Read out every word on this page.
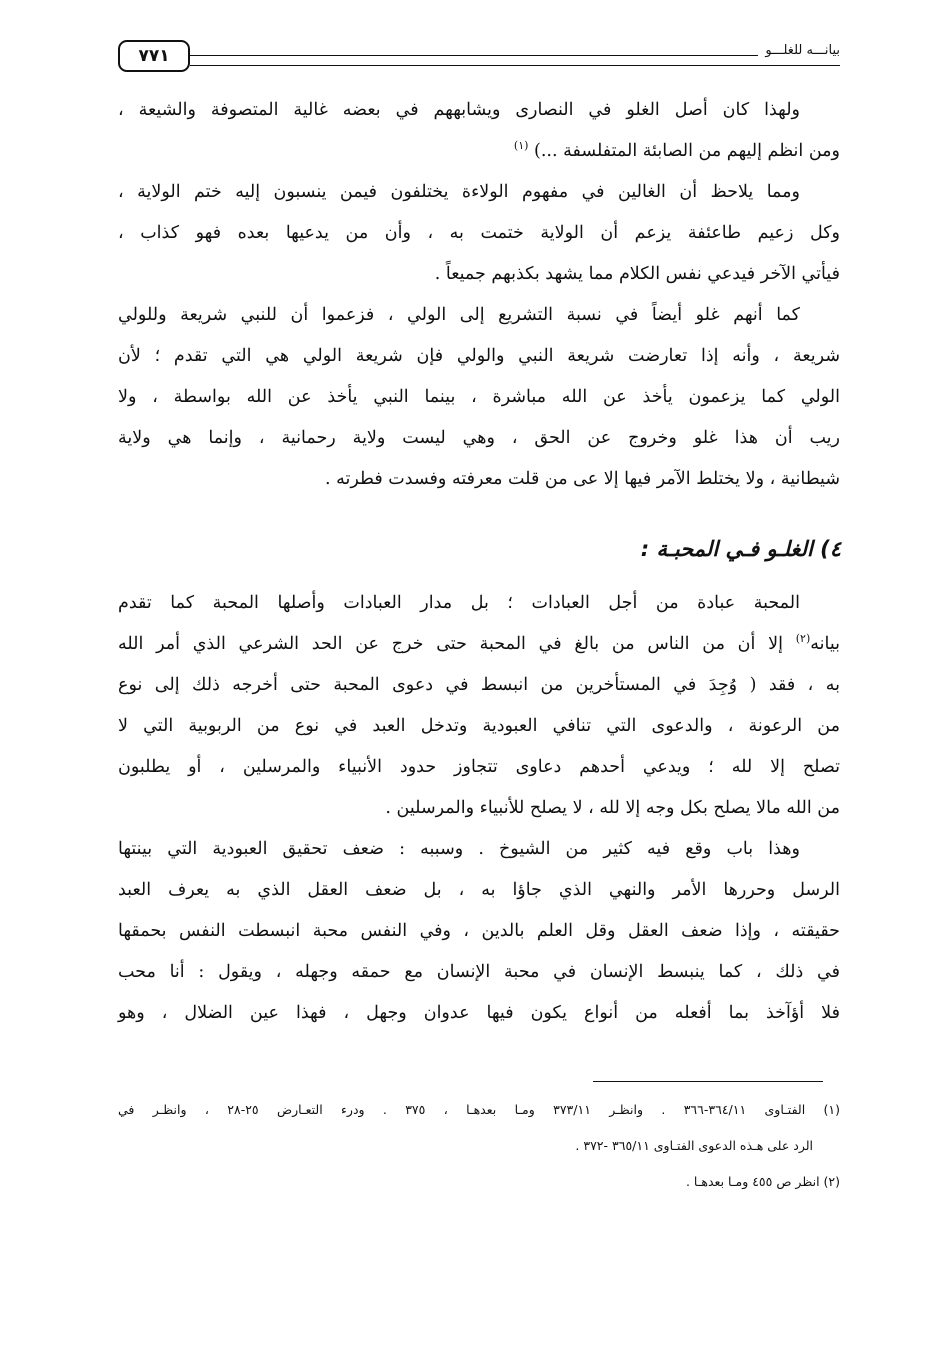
٧٧١	بيانـــه للغلـــو
ولهذا كان أصل الغلو في النصارى ويشابههم في بعضه غالية المتصوفة والشيعة ،
ومن انظم إليهم من الصابئة المتفلسفة ...) $^{(١)}$
ومما يلاحظ أن الغالين في مفهوم الولاءة يختلفون فيمن ينسبون إليه ختم الولاية ،
وكل زعيم طاعئفة يزعم أن الولاية ختمت به ، وأن من يدعيها بعده فهو كذاب ،
فيأتي الآخر فيدعي نفس الكلام مما يشهد بكذبهم جميعاً .
كما أنهم غلو أيضاً في نسبة التشريع إلى الولي ، فزعموا أن للنبي شريعة وللولي
شريعة ، وأنه إذا تعارضت شريعة النبي والولي فإن شريعة الولي هي التي تقدم ؛ لأن
الولي كما يزعمون يأخذ عن الله مباشرة ، بينما النبي يأخذ عن الله بواسطة ، ولا
ريب أن هذا غلو وخروج عن الحق ، وهي ليست ولاية رحمانية ، وإنما هي ولاية
شيطانية ، ولا يختلط الآمر فيها إلا عى من قلت معرفته وفسدت فطرته .
٤) الغلـو فـي المحبـة :
المحبة عبادة من أجل العبادات ؛ بل مدار العبادات وأصلها المحبة كما تقدم
بيانه$^{(٢)}$ إلا أن من الناس من بالغ في المحبة حتى خرج عن الحد الشرعي الذي أمر الله
به ، فقد ( وُجِدَ في المستأخرين من انبسط في دعوى المحبة حتى أخرجه ذلك إلى نوع
من الرعونة ، والدعوى التي تنافي العبودية وتدخل العبد في نوع من الربوبية التي لا
تصلح إلا لله ؛ ويدعي أحدهم دعاوى تتجاوز حدود الأنبياء والمرسلين ، أو يطلبون
من الله مالا يصلح بكل وجه إلا لله ، لا يصلح للأنبياء والمرسلين .
وهذا باب وقع فيه كثير من الشيوخ . وسببه : ضعف تحقيق العبودية التي بينتها
الرسل وحررها الأمر والنهي الذي جاؤا به ، بل ضعف العقل الذي به يعرف العبد
حقيقته ، وإذا ضعف العقل وقل العلم بالدين ، وفي النفس محبة انبسطت النفس بحمقها
في ذلك ، كما ينبسط الإنسان في محبة الإنسان مع حمقه وجهله ، ويقول : أنا محب
فلا أؤآخذ بما أفعله من أنواع يكون فيها عدوان وجهل ، فهذا عين الضلال ، وهو
(١) الفتـاوى ٣٦٤/١١-٣٦٦ . وانظـر ٣٧٣/١١ ومـا بعدهـا ، ٣٧٥ . ودرء التعـارض ٢٥-٢٨ ، وانظـر في
الرد على هـذه الدعوى الفتـاوى ٣٦٥/١١ -٣٧٢ .
(٢) انظر ص ٤٥٥ ومـا بعدهـا .
